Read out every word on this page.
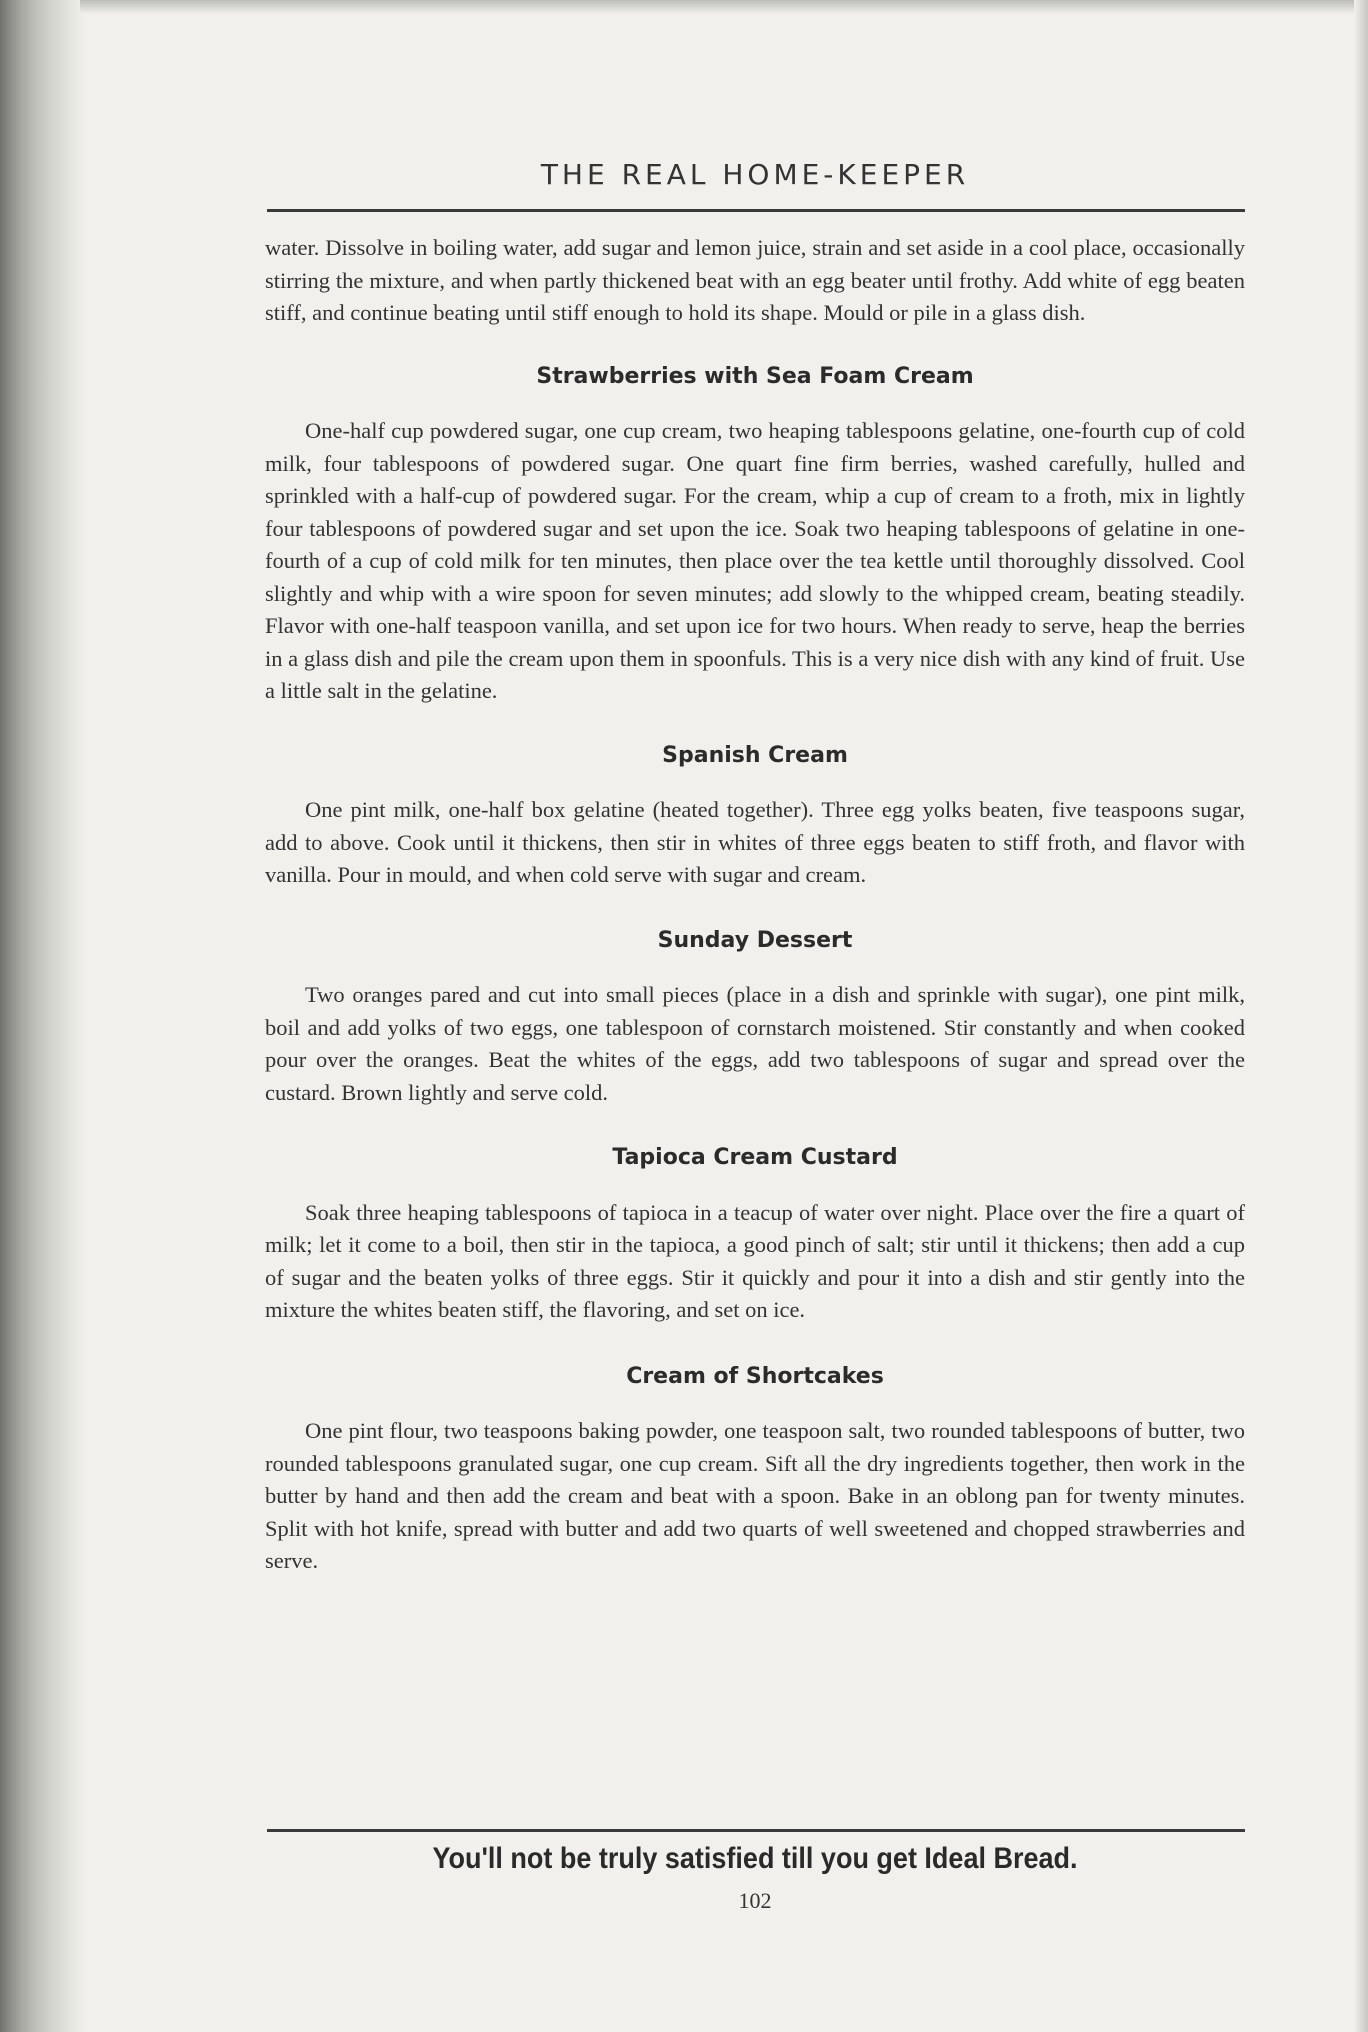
THE REAL HOME-KEEPER

water. Dissolve in boiling water, add sugar and lemon juice, strain and set aside in a cool place, occasionally stirring the mixture, and when partly thickened beat with an egg beater until frothy. Add white of egg beaten stiff, and continue beating until stiff enough to hold its shape. Mould or pile in a glass dish.

Strawberries with Sea Foam Cream

One-half cup powdered sugar, one cup cream, two heaping tablespoons gelatine, one-fourth cup of cold milk, four tablespoons of powdered sugar. One quart fine firm berries, washed carefully, hulled and sprinkled with a half-cup of powdered sugar. For the cream, whip a cup of cream to a froth, mix in lightly four tablespoons of powdered sugar and set upon the ice. Soak two heaping tablespoons of gelatine in one-fourth of a cup of cold milk for ten minutes, then place over the tea kettle until thoroughly dissolved. Cool slightly and whip with a wire spoon for seven minutes; add slowly to the whipped cream, beating steadily. Flavor with one-half teaspoon vanilla, and set upon ice for two hours. When ready to serve, heap the berries in a glass dish and pile the cream upon them in spoonfuls. This is a very nice dish with any kind of fruit. Use a little salt in the gelatine.

Spanish Cream

One pint milk, one-half box gelatine (heated together). Three egg yolks beaten, five teaspoons sugar, add to above. Cook until it thickens, then stir in whites of three eggs beaten to stiff froth, and flavor with vanilla. Pour in mould, and when cold serve with sugar and cream.

Sunday Dessert

Two oranges pared and cut into small pieces (place in a dish and sprinkle with sugar), one pint milk, boil and add yolks of two eggs, one tablespoon of cornstarch moistened. Stir constantly and when cooked pour over the oranges. Beat the whites of the eggs, add two tablespoons of sugar and spread over the custard. Brown lightly and serve cold.

Tapioca Cream Custard

Soak three heaping tablespoons of tapioca in a teacup of water over night. Place over the fire a quart of milk; let it come to a boil, then stir in the tapioca, a good pinch of salt; stir until it thickens; then add a cup of sugar and the beaten yolks of three eggs. Stir it quickly and pour it into a dish and stir gently into the mixture the whites beaten stiff, the flavoring, and set on ice.

Cream of Shortcakes

One pint flour, two teaspoons baking powder, one teaspoon salt, two rounded tablespoons of butter, two rounded tablespoons granulated sugar, one cup cream. Sift all the dry ingredients together, then work in the butter by hand and then add the cream and beat with a spoon. Bake in an oblong pan for twenty minutes. Split with hot knife, spread with butter and add two quarts of well sweetened and chopped strawberries and serve.

You'll not be truly satisfied till you get Ideal Bread.
102
